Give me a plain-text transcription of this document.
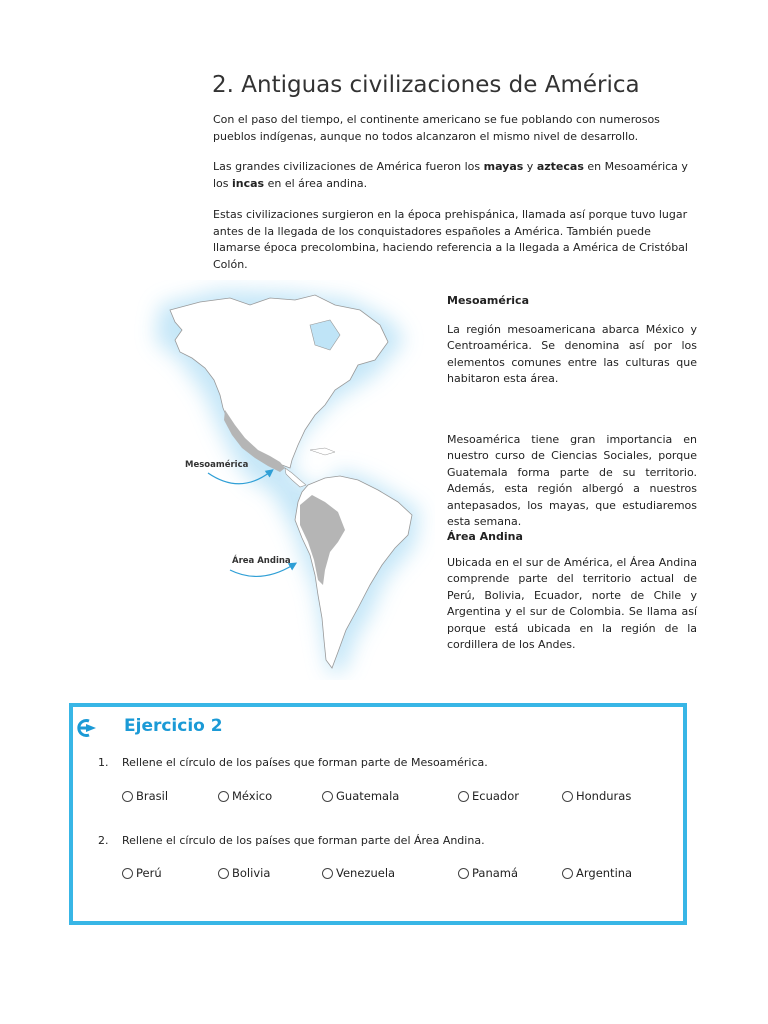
2. Antiguas civilizaciones de América

Con el paso del tiempo, el continente americano se fue poblando con numerosos pueblos indígenas, aunque no todos alcanzaron el mismo nivel de desarrollo.

Las grandes civilizaciones de América fueron los mayas y aztecas en Mesoamérica y los incas en el área andina.

Estas civilizaciones surgieron en la época prehispánica, llamada así porque tuvo lugar antes de la llegada de los conquistadores españoles a América. También puede llamarse época precolombina, haciendo referencia a la llegada a América de Cristóbal Colón.

Mesoamérica
Área Andina

Mesoamérica

La región mesoamericana abarca México y Centroamérica. Se denomina así por los elementos comunes entre las culturas que habitaron esta área.

Mesoamérica tiene gran importancia en nuestro curso de Ciencias Sociales, porque Guatemala forma parte de su territorio. Además, esta región albergó a nuestros antepasados, los mayas, que estudiaremos esta semana.

Área Andina

Ubicada en el sur de América, el Área Andina comprende parte del territorio actual de Perú, Bolivia, Ecuador, norte de Chile y Argentina y el sur de Colombia. Se llama así porque está ubicada en la región de la cordillera de los Andes.

Ejercicio 2

1. Rellene el círculo de los países que forman parte de Mesoamérica.

Brasil	México	Guatemala	Ecuador	Honduras

2. Rellene el círculo de los países que forman parte del Área Andina.

Perú	Bolivia	Venezuela	Panamá	Argentina
